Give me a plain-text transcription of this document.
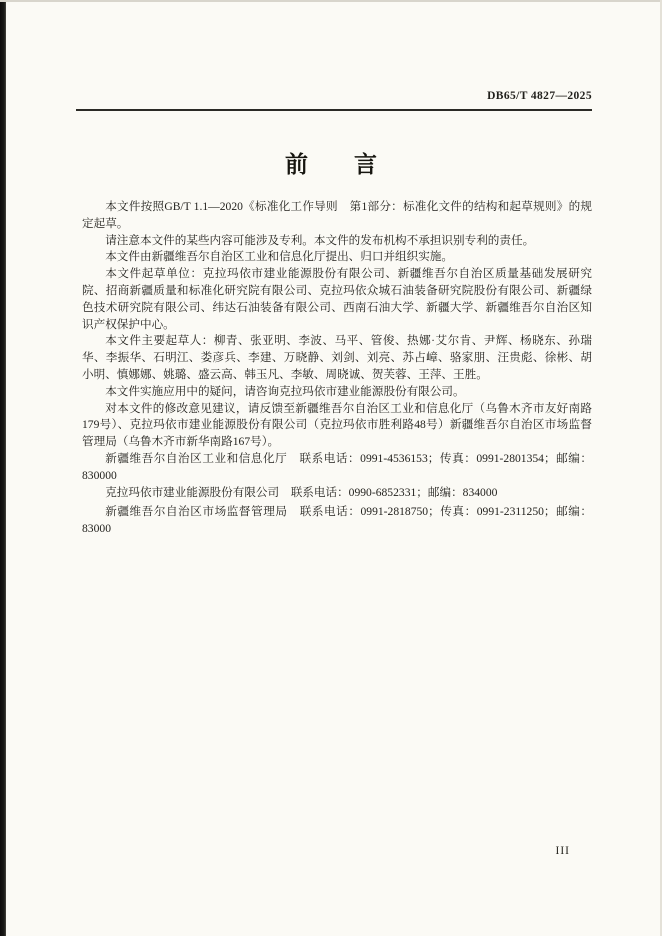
DB65/T 4827—2025
前　　言

本文件按照GB/T 1.1—2020《标准化工作导则　第1部分：标准化文件的结构和起草规则》的规定起草。

请注意本文件的某些内容可能涉及专利。本文件的发布机构不承担识别专利的责任。

本文件由新疆维吾尔自治区工业和信息化厅提出、归口并组织实施。

本文件起草单位：克拉玛依市建业能源股份有限公司、新疆维吾尔自治区质量基础发展研究院、招商新疆质量和标准化研究院有限公司、克拉玛依众城石油装备研究院股份有限公司、新疆绿色技术研究院有限公司、纬达石油装备有限公司、西南石油大学、新疆大学、新疆维吾尔自治区知识产权保护中心。

本文件主要起草人：柳青、张亚明、李波、马平、管俊、热娜·艾尔肯、尹辉、杨晓东、孙瑞华、李振华、石明江、娄彦兵、李建、万晓静、刘剑、刘亮、苏占嶂、骆家朋、汪贵彪、徐彬、胡小明、慎娜娜、姚璐、盛云高、韩玉凡、李敏、周晓诚、贺芙蓉、王萍、王胜。

本文件实施应用中的疑问，请咨询克拉玛依市建业能源股份有限公司。

对本文件的修改意见建议，请反馈至新疆维吾尔自治区工业和信息化厅（乌鲁木齐市友好南路179号）、克拉玛依市建业能源股份有限公司（克拉玛依市胜利路48号）新疆维吾尔自治区市场监督管理局（乌鲁木齐市新华南路167号）。

新疆维吾尔自治区工业和信息化厅　联系电话：0991-4536153；传真：0991-2801354；邮编：830000

克拉玛依市建业能源股份有限公司　联系电话：0990-6852331；邮编：834000

新疆维吾尔自治区市场监督管理局　联系电话：0991-2818750；传真：0991-2311250；邮编：83000

III
